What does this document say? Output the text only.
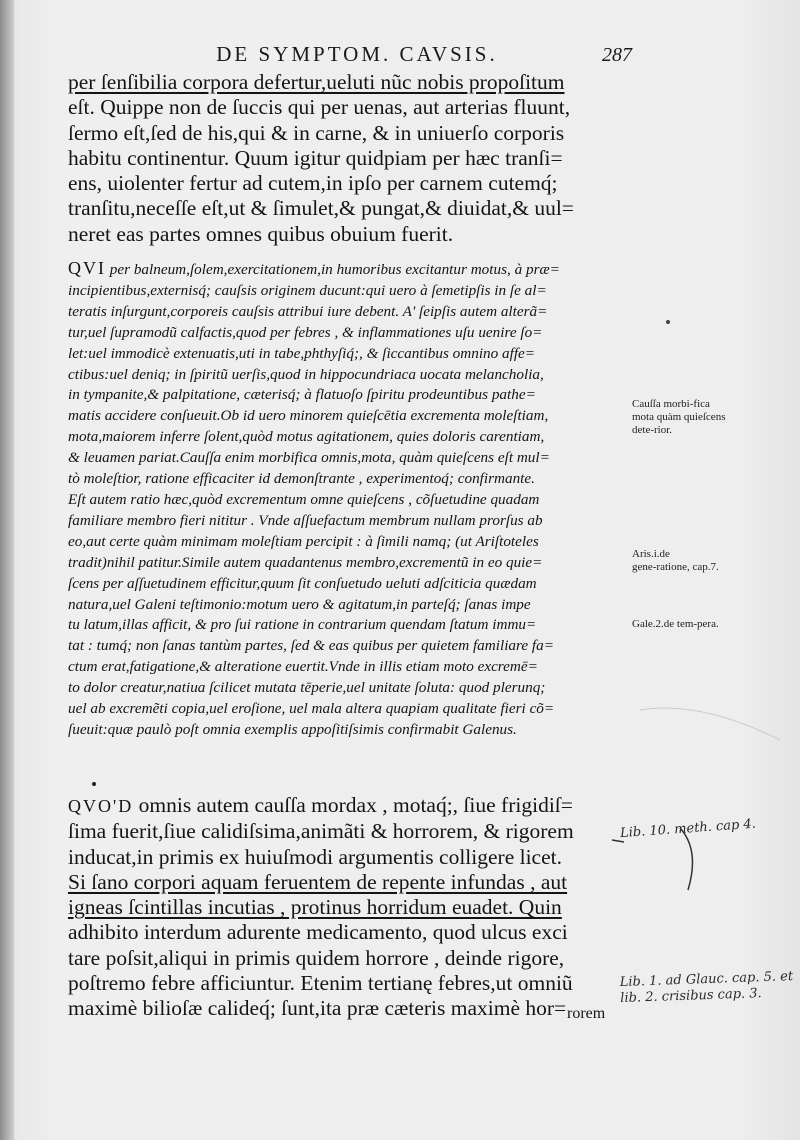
DE SYMPTOM. CAVSIS.	287
per ſenſibilia corpora defertur,ueluti nũc nobis propoſitum
eſt. Quippe non de ſuccis qui per uenas, aut arterias fluunt,
ſermo eſt,ſed de his,qui & in carne, & in uniuerſo corporis
habitu continentur. Quum igitur quidpiam per hæc tranſi=
ens, uiolenter fertur ad cutem,in ipſo per carnem cutemq́;
tranſitu,neceſſe eſt,ut & ſimulet,& pungat,& diuidat,& uul=
neret eas partes omnes quibus obuium fuerit.
QVI per balneum,ſolem,exercitationem,in humoribus excitantur motus, à præ=
incipientibus,externisq́; cauſsis originem ducunt:qui uero à ſemetipſis in ſe al=
teratis inſurgunt,corporeis cauſsis attribui iure debent. A' ſeipſis autem alterã=
tur,uel ſupramodũ calfactis,quod per febres , & inflammationes uſu uenire ſo=
let:uel immodicè extenuatis,uti in tabe,phthyſiq́;, & ſiccantibus omnino affe=
ctibus:uel deniq; in ſpiritũ uerſis,quod in hippocundriaca uocata melancholia,
in tympanite,& palpitatione, cæterisq́; à flatuoſo ſpiritu prodeuntibus pathe=
matis accidere conſueuit.Ob id uero minorem quieſcētia excrementa moleſtiam,
mota,maiorem inferre ſolent,quòd motus agitationem, quies doloris carentiam,
& leuamen pariat.Cauſſa enim morbifica omnis,mota, quàm quieſcens eſt mul=
tò moleſtior, ratione efficaciter id demonſtrante , experimentoq́; confirmante.
Eſt autem ratio hæc,quòd excrementum omne quieſcens , cõſuetudine quadam
familiare membro fieri nititur . Vnde aſſuefactum membrum nullam prorſus ab
eo,aut certe quàm minimam moleſtiam percipit : à ſimili namq; (ut Ariſtoteles
tradit)nihil patitur.Simile autem quadantenus membro,excrementũ in eo quie=
ſcens per aſſuetudinem efficitur,quum ſit conſuetudo ueluti adſciticia quædam
natura,uel Galeni teſtimonio:motum uero & agitatum,in parteſq́; ſanas impe
tu latum,illas afficit, & pro ſui ratione in contrarium quendam ſtatum immu=
tat : tumq́; non ſanas tantùm partes, ſed & eas quibus per quietem familiare fa=
ctum erat,fatigatione,& alteratione euertit.Vnde in illis etiam moto excremē=
to dolor creatur,natiua ſcilicet mutata tēperie,uel unitate ſoluta: quod plerunq;
uel ab excremẽti copia,uel eroſione, uel mala altera quapiam qualitate fieri cõ=
ſueuit:quæ paulò poſt omnia exemplis appoſitiſsimis confirmabit Galenus.
QVO'D omnis autem cauſſa mordax , motaq́;, ſiue frigidiſ=
ſima fuerit,ſiue calidiſsima,animãti & horrorem, & rigorem
inducat,in primis ex huiuſmodi argumentis colligere licet.
Si ſano corpori aquam feruentem de repente infundas , aut
igneas ſcintillas incutias , protinus horridum euadet. Quin
adhibito interdum adurente medicamento, quod ulcus exci
tare poſsit,aliqui in primis quidem horrore , deinde rigore,
poſtremo febre afficiuntur. Etenim tertianę febres,ut omniũ
maximè bilioſæ calideq́; ſunt,ita præ cæteris maximè hor= rorem
Cauſſa morbi‑fica mota quàm quieſcens dete‑rior.
Aris.i.de gene‑ratione, cap.7.
Gale.2.de tem‑pera.
Lib. 10. meth. cap 4.
Lib. 1. ad Glauc. cap. 5. et lib. 2. crisibus cap. 3.
